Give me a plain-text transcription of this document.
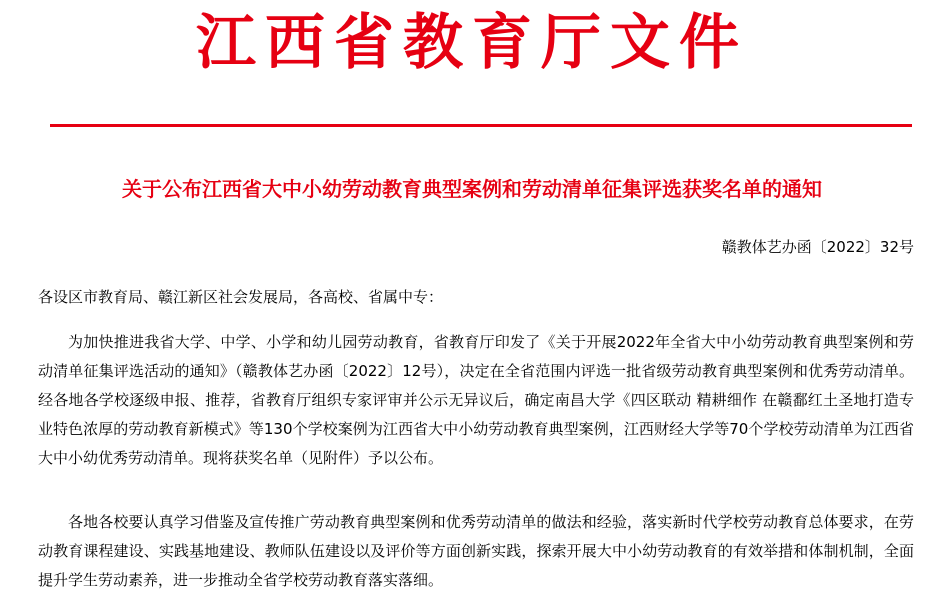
江西省教育厅文件
关于公布江西省大中小幼劳动教育典型案例和劳动清单征集评选获奖名单的通知
赣教体艺办函〔2022〕32号
各设区市教育局、赣江新区社会发展局，各高校、省属中专：

为加快推进我省大学、中学、小学和幼儿园劳动教育，省教育厅印发了《关于开展2022年全省大中小幼劳动教育典型案例和劳动清单征集评选活动的通知》（赣教体艺办函〔2022〕12号），决定在全省范围内评选一批省级劳动教育典型案例和优秀劳动清单。经各地各学校逐级申报、推荐，省教育厅组织专家评审并公示无异议后，确定南昌大学《四区联动 精耕细作 在赣鄱红土圣地打造专业特色浓厚的劳动教育新模式》等130个学校案例为江西省大中小幼劳动教育典型案例，江西财经大学等70个学校劳动清单为江西省大中小幼优秀劳动清单。现将获奖名单（见附件）予以公布。

各地各校要认真学习借鉴及宣传推广劳动教育典型案例和优秀劳动清单的做法和经验，落实新时代学校劳动教育总体要求，在劳动教育课程建设、实践基地建设、教师队伍建设以及评价等方面创新实践，探索开展大中小幼劳动教育的有效举措和体制机制，全面提升学生劳动素养，进一步推动全省学校劳动教育落实落细。
